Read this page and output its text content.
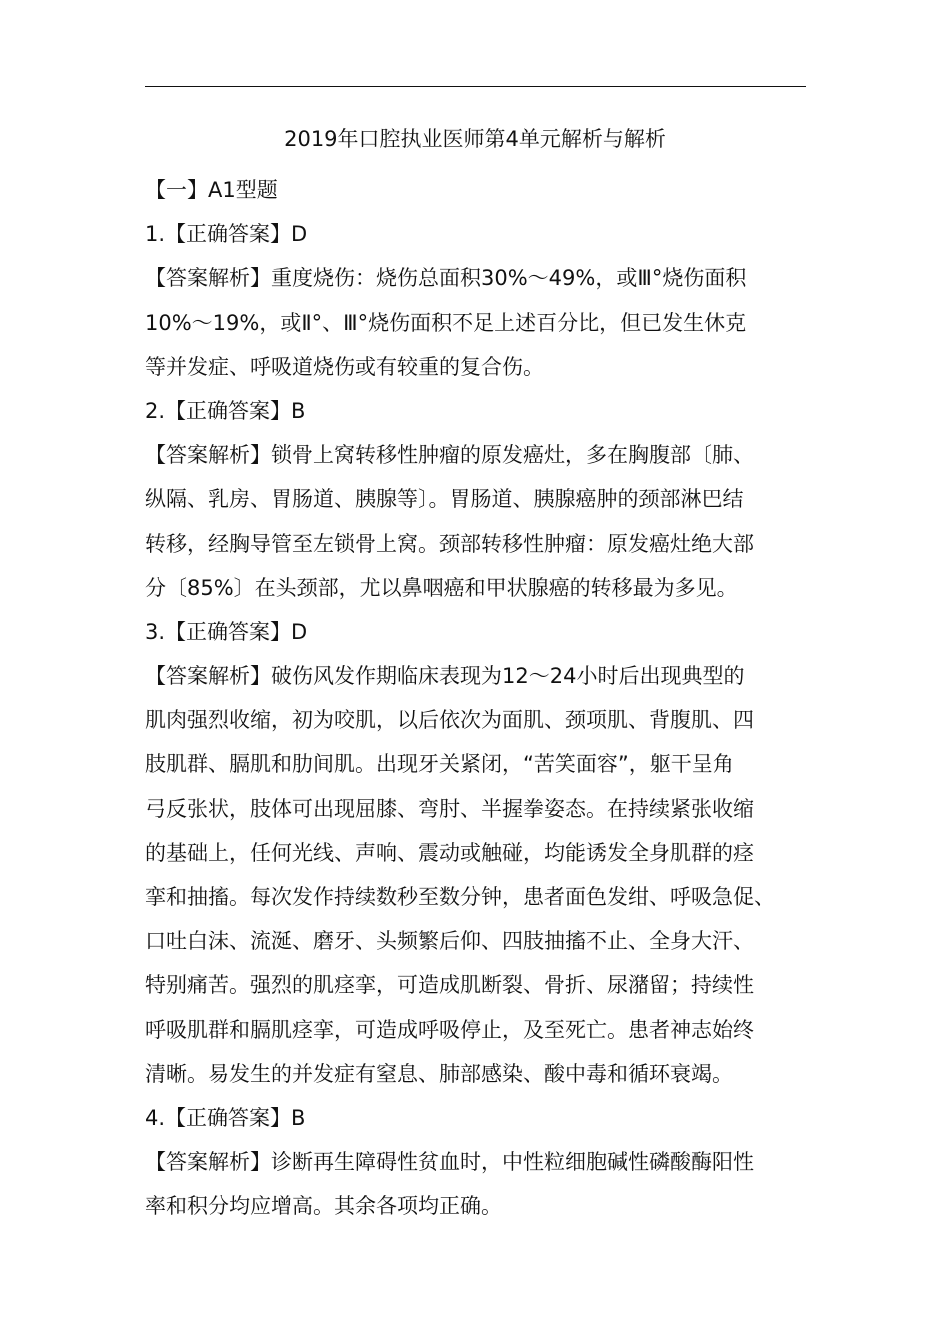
2019年口腔执业医师第4单元解析与解析
【一】A1型题
1.【正确答案】D
【答案解析】重度烧伤：烧伤总面积30%～49%，或Ⅲ°烧伤面积
10%～19%，或Ⅱ°、Ⅲ°烧伤面积不足上述百分比，但已发生休克
等并发症、呼吸道烧伤或有较重的复合伤。
2.【正确答案】B
【答案解析】锁骨上窝转移性肿瘤的原发癌灶，多在胸腹部〔肺、
纵隔、乳房、胃肠道、胰腺等〕。胃肠道、胰腺癌肿的颈部淋巴结
转移，经胸导管至左锁骨上窝。颈部转移性肿瘤：原发癌灶绝大部
分〔85%〕在头颈部，尤以鼻咽癌和甲状腺癌的转移最为多见。
3.【正确答案】D
【答案解析】破伤风发作期临床表现为12～24小时后出现典型的
肌肉强烈收缩，初为咬肌，以后依次为面肌、颈项肌、背腹肌、四
肢肌群、膈肌和肋间肌。出现牙关紧闭，“苦笑面容”，躯干呈角
弓反张状，肢体可出现屈膝、弯肘、半握拳姿态。在持续紧张收缩
的基础上，任何光线、声响、震动或触碰，均能诱发全身肌群的痉
挛和抽搐。每次发作持续数秒至数分钟，患者面色发绀、呼吸急促、
口吐白沫、流涎、磨牙、头频繁后仰、四肢抽搐不止、全身大汗、
特别痛苦。强烈的肌痉挛，可造成肌断裂、骨折、尿潴留；持续性
呼吸肌群和膈肌痉挛，可造成呼吸停止，及至死亡。患者神志始终
清晰。易发生的并发症有窒息、肺部感染、酸中毒和循环衰竭。
4.【正确答案】B
【答案解析】诊断再生障碍性贫血时，中性粒细胞碱性磷酸酶阳性
率和积分均应增高。其余各项均正确。
